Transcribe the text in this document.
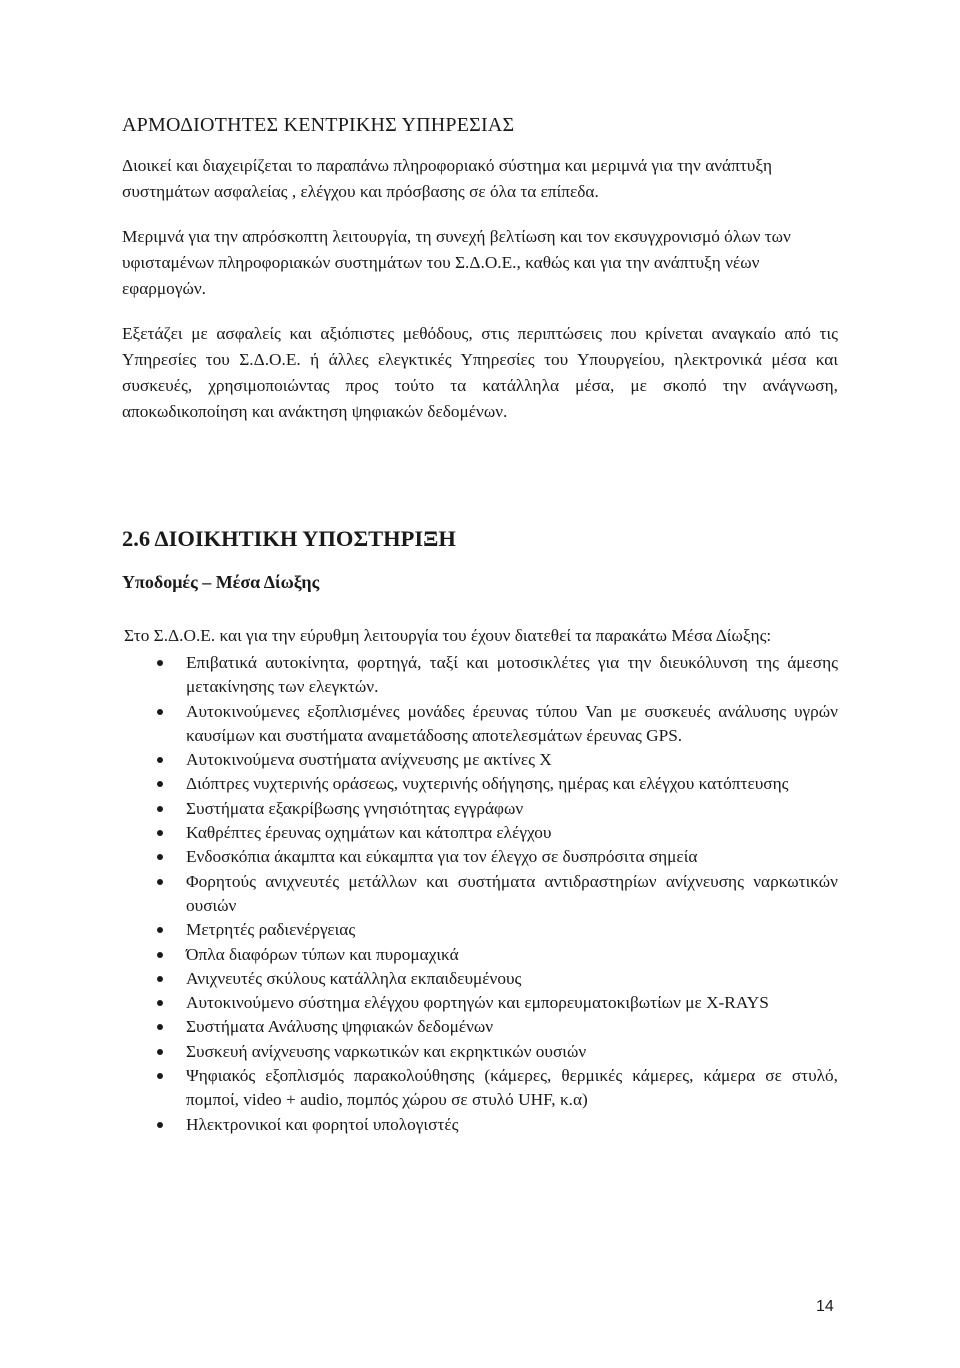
ΑΡΜΟΔΙΟΤΗΤΕΣ ΚΕΝΤΡΙΚΗΣ ΥΠΗΡΕΣΙΑΣ

Διοικεί και διαχειρίζεται το παραπάνω πληροφοριακό σύστημα και μεριμνά για την ανάπτυξη συστημάτων ασφαλείας , ελέγχου και πρόσβασης σε όλα τα επίπεδα.

Μεριμνά για την απρόσκοπτη λειτουργία, τη συνεχή βελτίωση και τον εκσυγχρονισμό όλων των υφισταμένων πληροφοριακών συστημάτων του Σ.Δ.Ο.Ε., καθώς και για την ανάπτυξη νέων εφαρμογών.

Εξετάζει με ασφαλείς και αξιόπιστες μεθόδους, στις περιπτώσεις που κρίνεται αναγκαίο από τις Υπηρεσίες του Σ.Δ.Ο.Ε. ή άλλες ελεγκτικές Υπηρεσίες του Υπουργείου, ηλεκτρονικά μέσα και συσκευές, χρησιμοποιώντας προς τούτο τα κατάλληλα μέσα, με σκοπό την ανάγνωση, αποκωδικοποίηση και ανάκτηση ψηφιακών δεδομένων.

2.6 ΔΙΟΙΚΗΤΙΚΗ ΥΠΟΣΤΗΡΙΞΗ
Υποδομές – Μέσα Δίωξης

Στο Σ.Δ.Ο.Ε. και για την εύρυθμη λειτουργία του έχουν διατεθεί τα παρακάτω Μέσα Δίωξης:

Επιβατικά αυτοκίνητα, φορτηγά, ταξί και μοτοσικλέτες για την διευκόλυνση της άμεσης μετακίνησης των ελεγκτών.
Αυτοκινούμενες εξοπλισμένες μονάδες έρευνας τύπου Van με συσκευές ανάλυσης υγρών καυσίμων και συστήματα αναμετάδοσης αποτελεσμάτων έρευνας GPS.
Αυτοκινούμενα συστήματα ανίχνευσης με ακτίνες X
Διόπτρες νυχτερινής οράσεως, νυχτερινής οδήγησης, ημέρας και ελέγχου κατόπτευσης
Συστήματα εξακρίβωσης γνησιότητας εγγράφων
Καθρέπτες έρευνας οχημάτων και κάτοπτρα ελέγχου
Ενδοσκόπια άκαμπτα και εύκαμπτα για τον έλεγχο σε δυσπρόσιτα σημεία
Φορητούς ανιχνευτές μετάλλων και συστήματα αντιδραστηρίων ανίχνευσης ναρκωτικών ουσιών
Μετρητές ραδιενέργειας
Όπλα διαφόρων τύπων και πυρομαχικά
Ανιχνευτές σκύλους κατάλληλα εκπαιδευμένους
Αυτοκινούμενο σύστημα ελέγχου φορτηγών και εμπορευματοκιβωτίων με X-RAYS
Συστήματα Ανάλυσης ψηφιακών δεδομένων
Συσκευή ανίχνευσης ναρκωτικών και εκρηκτικών ουσιών
Ψηφιακός εξοπλισμός παρακολούθησης (κάμερες, θερμικές κάμερες, κάμερα σε στυλό, πομποί, video + audio, πομπός χώρου σε στυλό UHF, κ.α)
Ηλεκτρονικοί και φορητοί υπολογιστές
14
